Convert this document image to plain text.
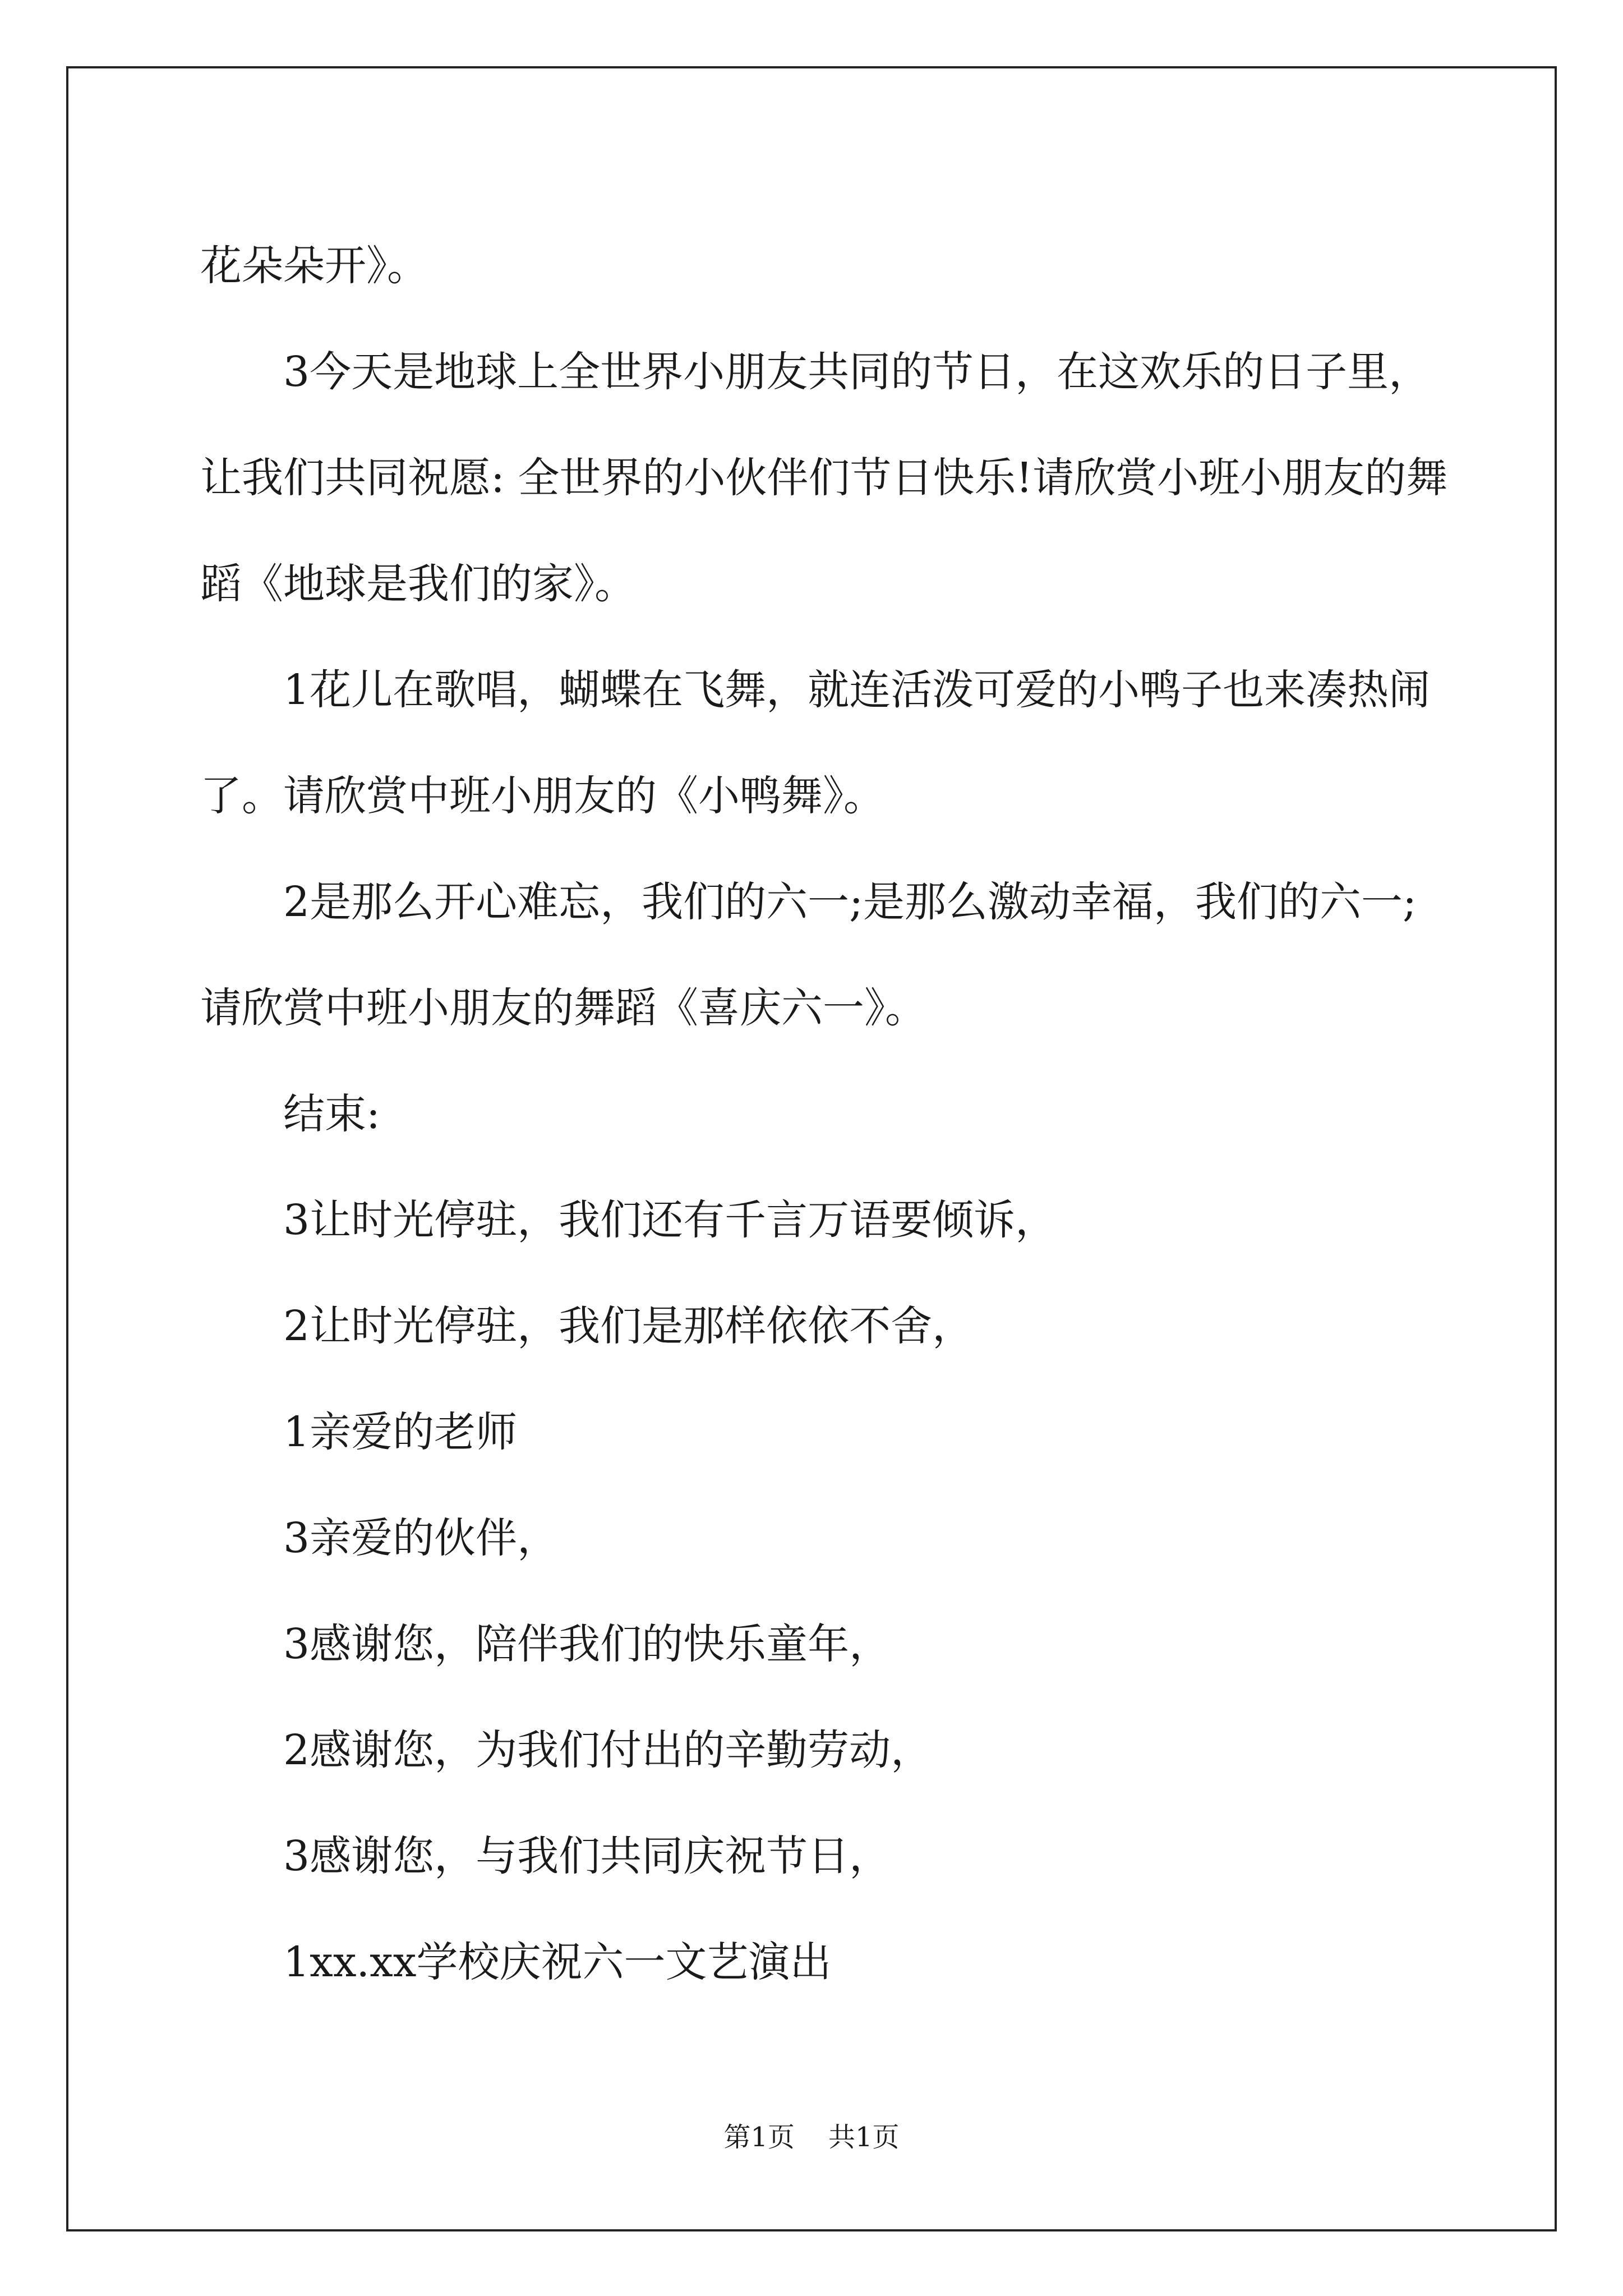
花朵朵开》。

3今天是地球上全世界小朋友共同的节日，在这欢乐的日子里，

让我们共同祝愿: 全世界的小伙伴们节日快乐!请欣赏小班小朋友的舞

蹈《地球是我们的家》。

1花儿在歌唱，蝴蝶在飞舞，就连活泼可爱的小鸭子也来凑热闹

了。请欣赏中班小朋友的《小鸭舞》。

2是那么开心难忘，我们的六一;是那么激动幸福，我们的六一;

请欣赏中班小朋友的舞蹈《喜庆六一》。

结束:

3让时光停驻，我们还有千言万语要倾诉，

2让时光停驻，我们是那样依依不舍，

1亲爱的老师

3亲爱的伙伴，

3感谢您，陪伴我们的快乐童年，

2感谢您，为我们付出的辛勤劳动，

3感谢您，与我们共同庆祝节日，

1xx.xx学校庆祝六一文艺演出

第1页 共1页
